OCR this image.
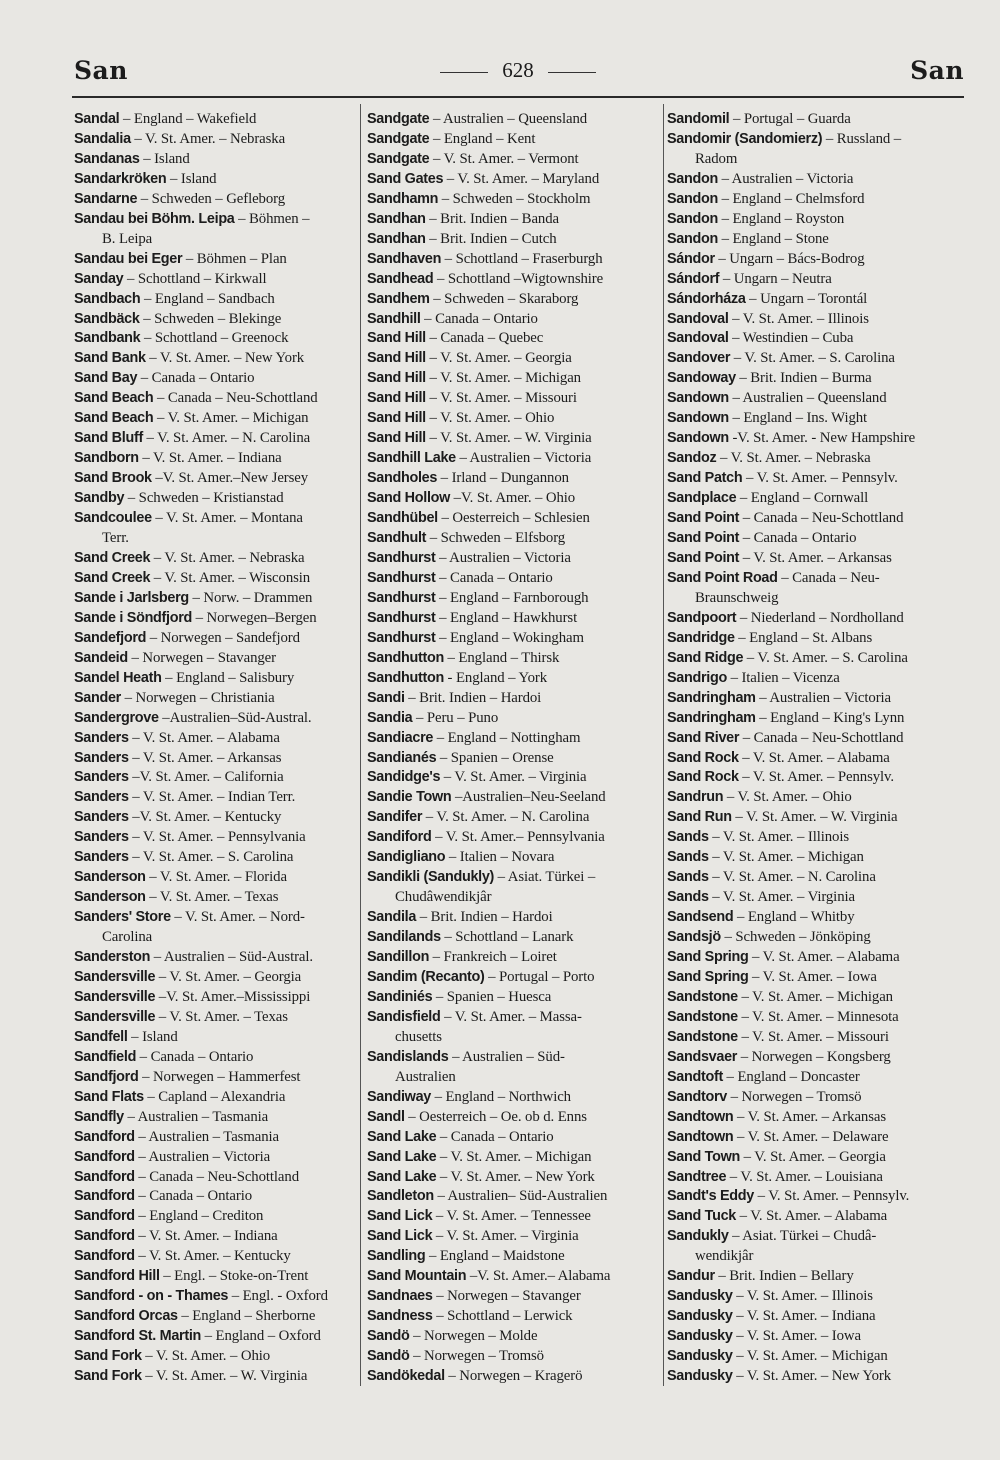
San	628	San
Sandal – England – Wakefield
Sandalia – V. St. Amer. – Nebraska
Sandanas – Island
Sandarkröken – Island
Sandarne – Schweden – Gefleborg
Sandau bei Böhm. Leipa – Böhmen –
B. Leipa
Sandau bei Eger – Böhmen – Plan
Sanday – Schottland – Kirkwall
Sandbach – England – Sandbach
Sandbäck – Schweden – Blekinge
Sandbank – Schottland – Greenock
Sand Bank – V. St. Amer. – New York
Sand Bay – Canada – Ontario
Sand Beach – Canada – Neu-Schottland
Sand Beach – V. St. Amer. – Michigan
Sand Bluff – V. St. Amer. – N. Carolina
Sandborn – V. St. Amer. – Indiana
Sand Brook –V. St. Amer.–New Jersey
Sandby – Schweden – Kristianstad
Sandcoulee – V. St. Amer. – Montana
Terr.
Sand Creek – V. St. Amer. – Nebraska
Sand Creek – V. St. Amer. – Wisconsin
Sande i Jarlsberg – Norw. – Drammen
Sande i Söndfjord – Norwegen–Bergen
Sandefjord – Norwegen – Sandefjord
Sandeid – Norwegen – Stavanger
Sandel Heath – England – Salisbury
Sander – Norwegen – Christiania
Sandergrove –Australien–Süd-Austral.
Sanders – V. St. Amer. – Alabama
Sanders – V. St. Amer. – Arkansas
Sanders –V. St. Amer. – California
Sanders – V. St. Amer. – Indian Terr.
Sanders –V. St. Amer. – Kentucky
Sanders – V. St. Amer. – Pennsylvania
Sanders – V. St. Amer. – S. Carolina
Sanderson – V. St. Amer. – Florida
Sanderson – V. St. Amer. – Texas
Sanders' Store – V. St. Amer. – Nord-
Carolina
Sanderston – Australien – Süd-Austral.
Sandersville – V. St. Amer. – Georgia
Sandersville –V. St. Amer.–Mississippi
Sandersville – V. St. Amer. – Texas
Sandfell – Island
Sandfield – Canada – Ontario
Sandfjord – Norwegen – Hammerfest
Sand Flats – Capland – Alexandria
Sandfly – Australien – Tasmania
Sandford – Australien – Tasmania
Sandford – Australien – Victoria
Sandford – Canada – Neu-Schottland
Sandford – Canada – Ontario
Sandford – England – Crediton
Sandford – V. St. Amer. – Indiana
Sandford – V. St. Amer. – Kentucky
Sandford Hill – Engl. – Stoke-on-Trent
Sandford - on - Thames – Engl. - Oxford
Sandford Orcas – England – Sherborne
Sandford St. Martin – England – Oxford
Sand Fork – V. St. Amer. – Ohio
Sand Fork – V. St. Amer. – W. Virginia
Sandgate – Australien – Queensland
Sandgate – England – Kent
Sandgate – V. St. Amer. – Vermont
Sand Gates – V. St. Amer. – Maryland
Sandhamn – Schweden – Stockholm
Sandhan – Brit. Indien – Banda
Sandhan – Brit. Indien – Cutch
Sandhaven – Schottland – Fraserburgh
Sandhead – Schottland –Wigtownshire
Sandhem – Schweden – Skaraborg
Sandhill – Canada – Ontario
Sand Hill – Canada – Quebec
Sand Hill – V. St. Amer. – Georgia
Sand Hill – V. St. Amer. – Michigan
Sand Hill – V. St. Amer. – Missouri
Sand Hill – V. St. Amer. – Ohio
Sand Hill – V. St. Amer. – W. Virginia
Sandhill Lake – Australien – Victoria
Sandholes – Irland – Dungannon
Sand Hollow –V. St. Amer. – Ohio
Sandhübel – Oesterreich – Schlesien
Sandhult – Schweden – Elfsborg
Sandhurst – Australien – Victoria
Sandhurst – Canada – Ontario
Sandhurst – England – Farnborough
Sandhurst – England – Hawkhurst
Sandhurst – England – Wokingham
Sandhutton – England – Thirsk
Sandhutton - England – York
Sandi – Brit. Indien – Hardoi
Sandia – Peru – Puno
Sandiacre – England – Nottingham
Sandianés – Spanien – Orense
Sandidge's – V. St. Amer. – Virginia
Sandie Town –Australien–Neu-Seeland
Sandifer – V. St. Amer. – N. Carolina
Sandiford – V. St. Amer.– Pennsylvania
Sandigliano – Italien – Novara
Sandikli (Sandukly) – Asiat. Türkei –
Chudâwendikjâr
Sandila – Brit. Indien – Hardoi
Sandilands – Schottland – Lanark
Sandillon – Frankreich – Loiret
Sandim (Recanto) – Portugal – Porto
Sandiniés – Spanien – Huesca
Sandisfield – V. St. Amer. – Massa-
chusetts
Sandislands – Australien – Süd-
Australien
Sandiway – England – Northwich
Sandl – Oesterreich – Oe. ob d. Enns
Sand Lake – Canada – Ontario
Sand Lake – V. St. Amer. – Michigan
Sand Lake – V. St. Amer. – New York
Sandleton – Australien– Süd-Australien
Sand Lick – V. St. Amer. – Tennessee
Sand Lick – V. St. Amer. – Virginia
Sandling – England – Maidstone
Sand Mountain –V. St. Amer.– Alabama
Sandnaes – Norwegen – Stavanger
Sandness – Schottland – Lerwick
Sandö – Norwegen – Molde
Sandö – Norwegen – Tromsö
Sandökedal – Norwegen – Kragerö
Sandomil – Portugal – Guarda
Sandomir (Sandomierz) – Russland –
Radom
Sandon – Australien – Victoria
Sandon – England – Chelmsford
Sandon – England – Royston
Sandon – England – Stone
Sándor – Ungarn – Bács-Bodrog
Sándorf – Ungarn – Neutra
Sándorháza – Ungarn – Torontál
Sandoval – V. St. Amer. – Illinois
Sandoval – Westindien – Cuba
Sandover – V. St. Amer. – S. Carolina
Sandoway – Brit. Indien – Burma
Sandown – Australien – Queensland
Sandown – England – Ins. Wight
Sandown -V. St. Amer. - New Hampshire
Sandoz – V. St. Amer. – Nebraska
Sand Patch – V. St. Amer. – Pennsylv.
Sandplace – England – Cornwall
Sand Point – Canada – Neu-Schottland
Sand Point – Canada – Ontario
Sand Point – V. St. Amer. – Arkansas
Sand Point Road – Canada – Neu-
Braunschweig
Sandpoort – Niederland – Nordholland
Sandridge – England – St. Albans
Sand Ridge – V. St. Amer. – S. Carolina
Sandrigo – Italien – Vicenza
Sandringham – Australien – Victoria
Sandringham – England – King's Lynn
Sand River – Canada – Neu-Schottland
Sand Rock – V. St. Amer. – Alabama
Sand Rock – V. St. Amer. – Pennsylv.
Sandrun – V. St. Amer. – Ohio
Sand Run – V. St. Amer. – W. Virginia
Sands – V. St. Amer. – Illinois
Sands – V. St. Amer. – Michigan
Sands – V. St. Amer. – N. Carolina
Sands – V. St. Amer. – Virginia
Sandsend – England – Whitby
Sandsjö – Schweden – Jönköping
Sand Spring – V. St. Amer. – Alabama
Sand Spring – V. St. Amer. – Iowa
Sandstone – V. St. Amer. – Michigan
Sandstone – V. St. Amer. – Minnesota
Sandstone – V. St. Amer. – Missouri
Sandsvaer – Norwegen – Kongsberg
Sandtoft – England – Doncaster
Sandtorv – Norwegen – Tromsö
Sandtown – V. St. Amer. – Arkansas
Sandtown – V. St. Amer. – Delaware
Sand Town – V. St. Amer. – Georgia
Sandtree – V. St. Amer. – Louisiana
Sandt's Eddy – V. St. Amer. – Pennsylv.
Sand Tuck – V. St. Amer. – Alabama
Sandukly – Asiat. Türkei – Chudâ-
wendikjâr
Sandur – Brit. Indien – Bellary
Sandusky – V. St. Amer. – Illinois
Sandusky – V. St. Amer. – Indiana
Sandusky – V. St. Amer. – Iowa
Sandusky – V. St. Amer. – Michigan
Sandusky – V. St. Amer. – New York
